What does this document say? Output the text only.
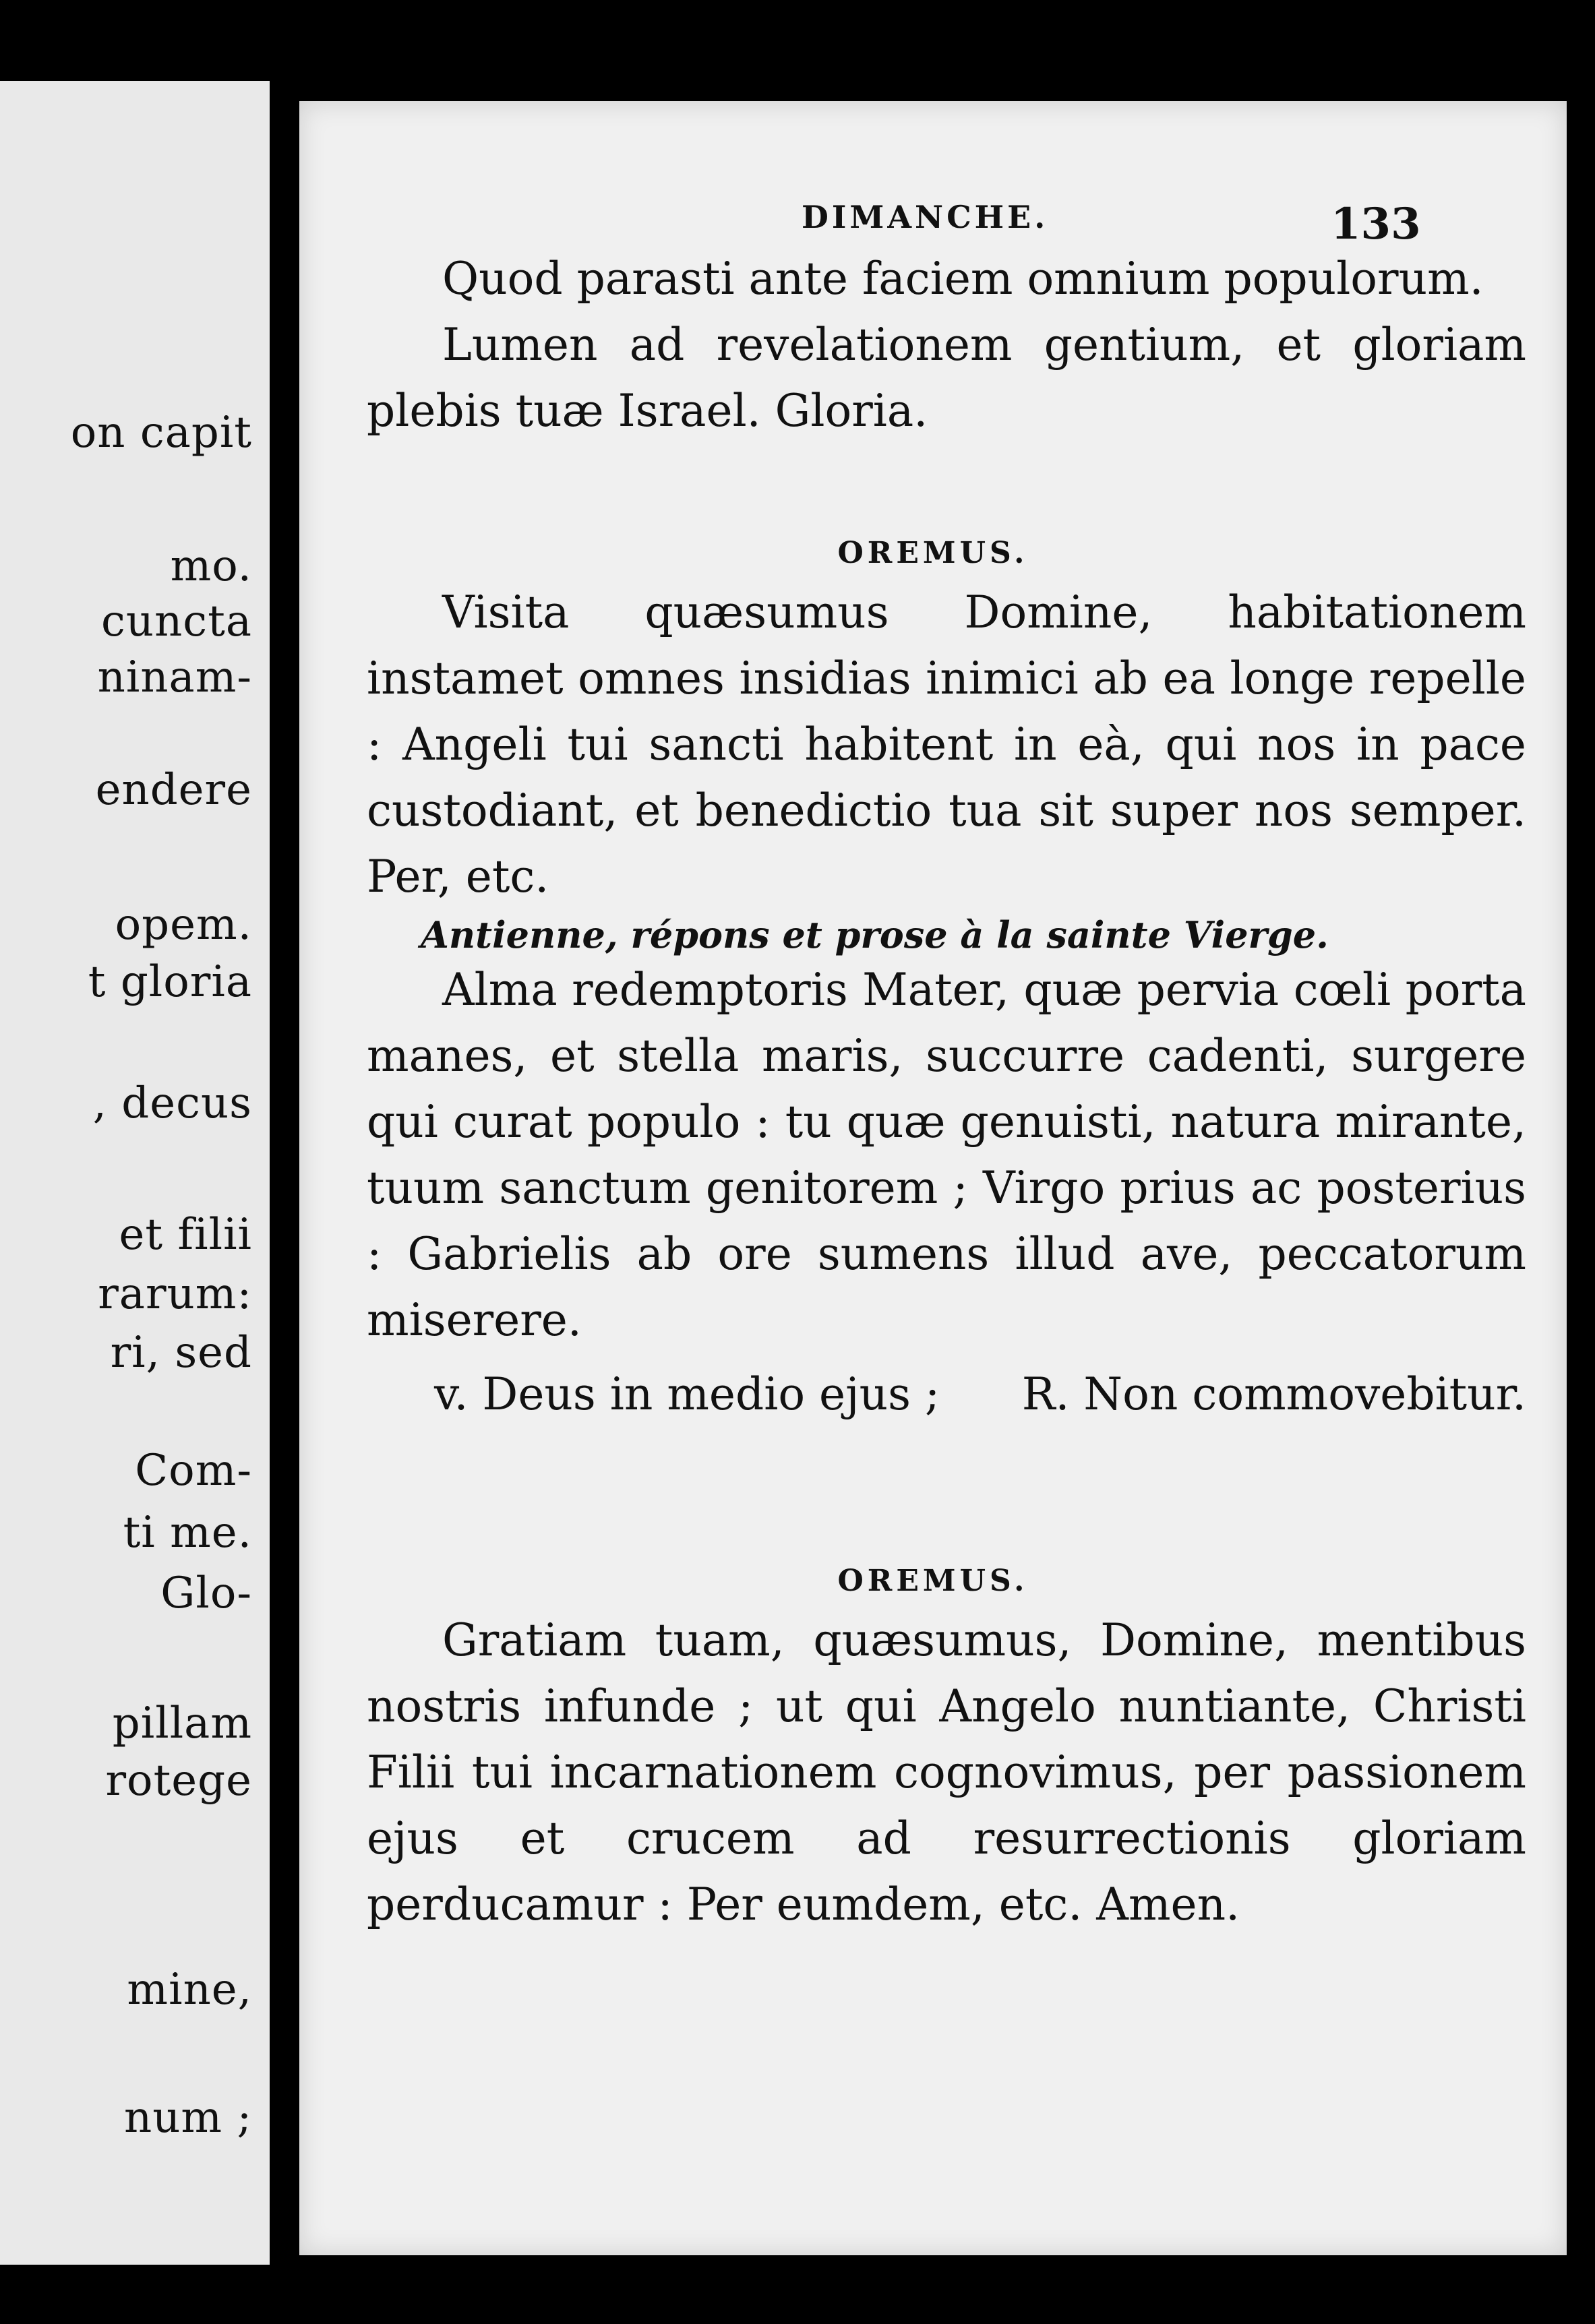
on capit
mo.
cuncta
ninam-
endere
opem.
t gloria
, decus
et filii
rarum:
ri, sed
Com-
ti me.
Glo-
pillam
rotege
mine,
num ;
DIMANCHE.	133

Quod parasti ante faciem omnium populorum.

Lumen ad revelationem gentium, et gloriam plebis tuæ Israel. Gloria.

OREMUS.

Visita quæsumus Domine, habitationem instamet omnes insidias inimici ab ea longe repelle : Angeli tui sancti habitent in eà, qui nos in pace custodiant, et benedictio tua sit super nos semper. Per, etc.

Antienne, répons et prose à la sainte Vierge.

Alma redemptoris Mater, quæ pervia cœli porta manes, et stella maris, succurre cadenti, surgere qui curat populo : tu quæ genuisti, natura mirante, tuum sanctum genitorem ; Virgo prius ac posterius : Gabrielis ab ore sumens illud ave, peccatorum miserere.

v. Deus in medio ejus ; R. Non commovebitur.
OREMUS.

Gratiam tuam, quæsumus, Domine, mentibus nostris infunde ; ut qui Angelo nuntiante, Christi Filii tui incarnationem cognovimus, per passionem ejus et crucem ad resurrectionis gloriam perducamur : Per eumdem, etc. Amen.
